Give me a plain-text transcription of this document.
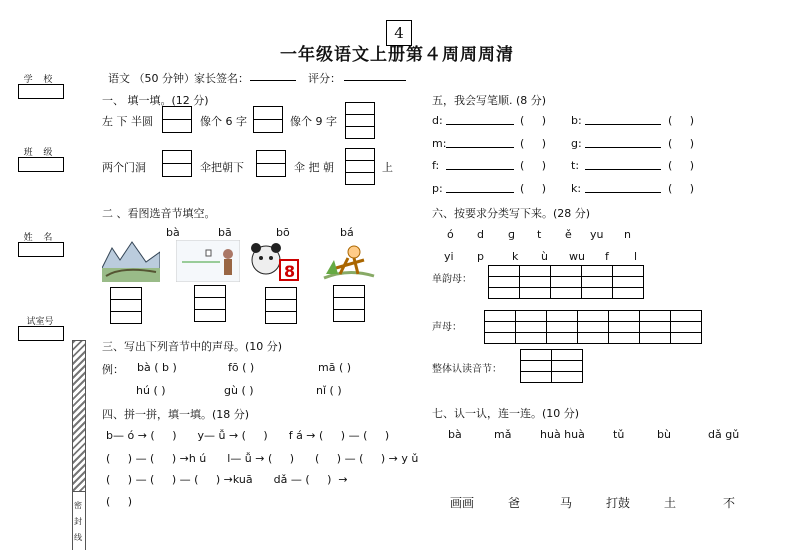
一年级语文上册第４周周周清
4
语文 （50 分钟） 家长签名：	评分：
学 校
班 级
姓 名
试室号
密
封
线
一、 填一填。(12 分)
左 下 半圆	像个 6 字	像个 9 字
两个门洞	伞把朝下	伞 把 朝	上
二 、看图选音节填空。
bà	bā	bō	bá
8
三、写出下列音节中的声母。(10 分)
例： bà ( b )	fō ( )	mā ( )
hú ( )	gù ( )	nǐ ( )
四、拼一拼，填一填。(18 分)
b— ó → (     )      y— ǚ → (     )      f á → (     ) — (     )
(     ) — (     ) →h ú      l— ǚ → (     )      (     ) — (     ) → y ǔ
(     ) — (     ) — (     ) →kuā      dǎ — (     )  →
(     )
五，我会写笔顺. (8 分)
d:	(     ) b:	(     )
m:	(     ) g:	(     )
f:	(     ) t:	(     )
p:	(     ) k:	(     )
六、按要求分类写下来。(28 分)
ó d ɡ t ě yu n
yi p	k ù wu f l
单韵母：

声母：

整体认读音节：

七、认一认，连一连。(10 分)
bà	mǎ	huà huà	tǔ	bù	dǎ gǔ
画画	爸	马	打鼓	土	不
